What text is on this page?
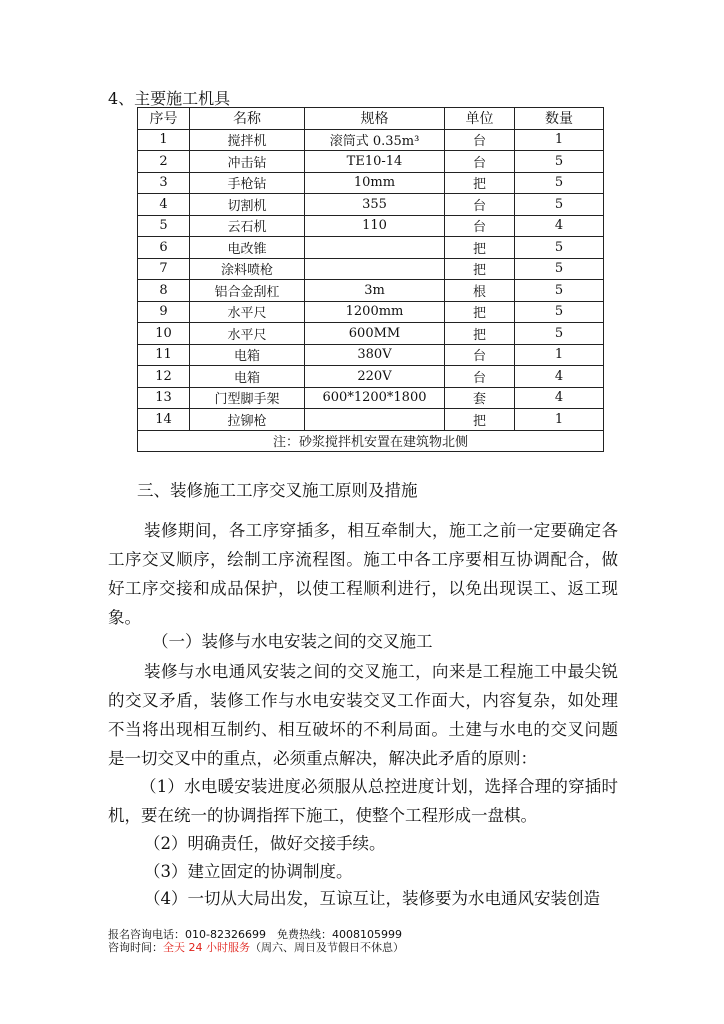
4、主要施工机具
序号	名称	规格	单位	数量
1	搅拌机	滚筒式 0.35m³	台	1
2	冲击钻	TE10-14	台	5
3	手枪钻	10mm	把	5
4	切割机	355	台	5
5	云石机	110	台	4
6	电改锥		把	5
7	涂料喷枪		把	5
8	铝合金刮杠	3m	根	5
9	水平尺	1200mm	把	5
10	水平尺	600MM	把	5
11	电箱	380V	台	1
12	电箱	220V	台	4
13	门型脚手架	600*1200*1800	套	4
14	拉铆枪		把	1
注：砂浆搅拌机安置在建筑物北侧				
三、装修施工工序交叉施工原则及措施

装修期间，各工序穿插多，相互牵制大，施工之前一定要确定各工序交叉顺序，绘制工序流程图。施工中各工序要相互协调配合，做好工序交接和成品保护，以使工程顺利进行，以免出现误工、返工现象。

（一）装修与水电安装之间的交叉施工

装修与水电通风安装之间的交叉施工，向来是工程施工中最尖锐的交叉矛盾，装修工作与水电安装交叉工作面大，内容复杂，如处理不当将出现相互制约、相互破坏的不利局面。土建与水电的交叉问题是一切交叉中的重点，必须重点解决，解决此矛盾的原则：

（1）水电暖安装进度必须服从总控进度计划，选择合理的穿插时机，要在统一的协调指挥下施工，使整个工程形成一盘棋。

（2）明确责任，做好交接手续。
（3）建立固定的协调制度。
（4）一切从大局出发，互谅互让，装修要为水电通风安装创造
报名咨询电话：010-82326699　免费热线：4008105999
咨询时间：全天 24 小时服务（周六、周日及节假日不休息）
